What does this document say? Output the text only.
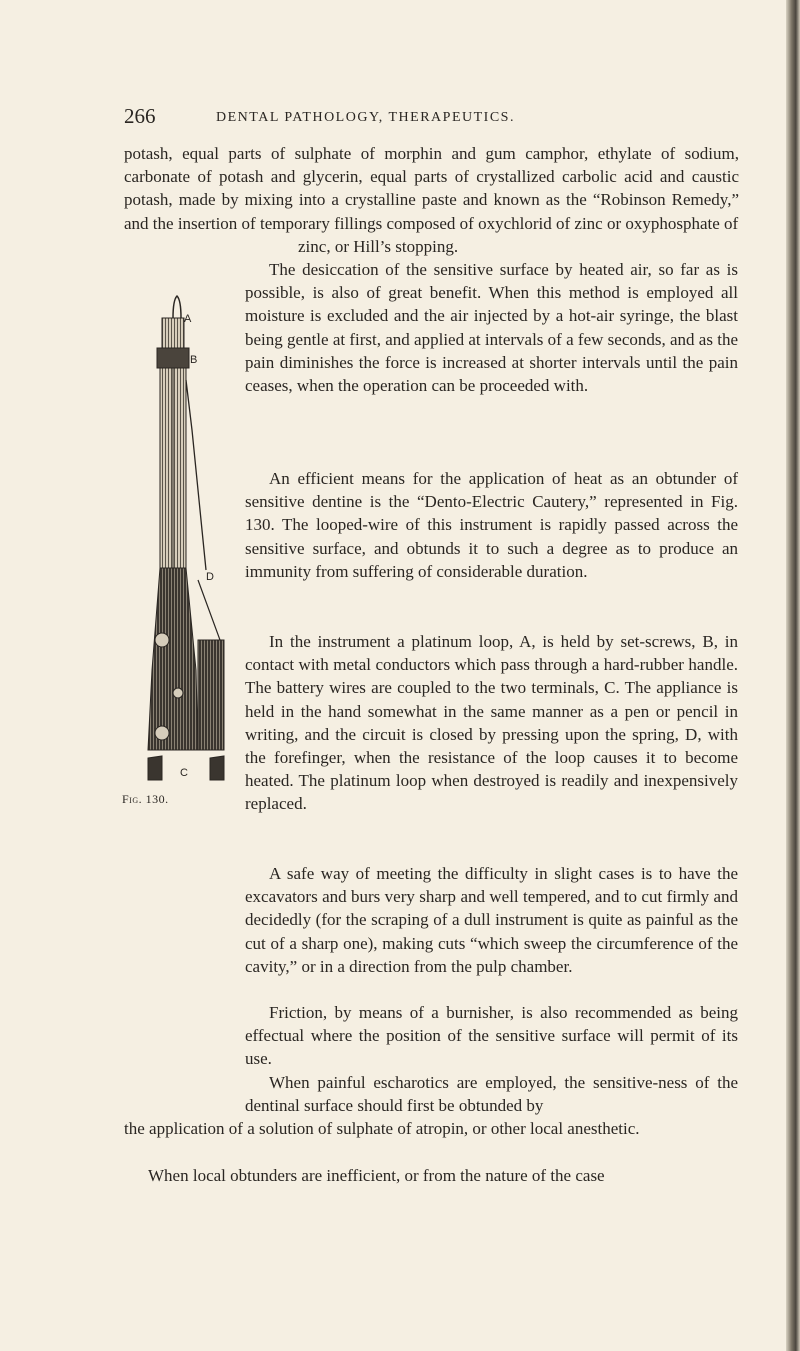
266	DENTAL PATHOLOGY, THERAPEUTICS.

potash, equal parts of sulphate of morphin and gum camphor, ethylate of sodium, carbonate of potash and glycerin, equal parts of crystallized carbolic acid and caustic potash, made by mixing into a crystalline paste and known as the “Robinson Remedy,” and the insertion of temporary fillings composed of oxychlorid of zinc or oxyphosphate of

zinc, or Hill’s stopping.

The desiccation of the sensitive surface by heated air, so far as is possible, is also of great benefit. When this method is employed all moisture is excluded and the air injected by a hot-air syringe, the blast being gentle at first, and applied at intervals of a few seconds, and as the pain diminishes the force is increased at shorter intervals until the pain ceases, when the operation can be proceeded with.

An efficient means for the application of heat as an obtunder of sensitive dentine is the “Dento-Electric Cautery,” represented in Fig. 130. The looped-wire of this instrument is rapidly passed across the sensitive surface, and obtunds it to such a degree as to produce an immunity from suffering of considerable duration.

In the instrument a platinum loop, A, is held by set-screws, B, in contact with metal conductors which pass through a hard-rubber handle. The battery wires are coupled to the two terminals, C. The appliance is held in the hand somewhat in the same manner as a pen or pencil in writing, and the circuit is closed by pressing upon the spring, D, with the forefinger, when the resistance of the loop causes it to become heated. The platinum loop when destroyed is readily and inexpensively replaced.

A safe way of meeting the difficulty in slight cases is to have the excavators and burs very sharp and well tempered, and to cut firmly and decidedly (for the scraping of a dull instrument is quite as painful as the cut of a sharp one), making cuts “which sweep the circumference of the cavity,” or in a direction from the pulp chamber.

Friction, by means of a burnisher, is also recommended as being effectual where the position of the sensitive surface will permit of its use.

When painful escharotics are employed, the sensitive-ness of the dentinal surface should first be obtunded by

the application of a solution of sulphate of atropin, or other local anesthetic.

When local obtunders are inefficient, or from the nature of the case

A
B
D
C
Fig. 130.
